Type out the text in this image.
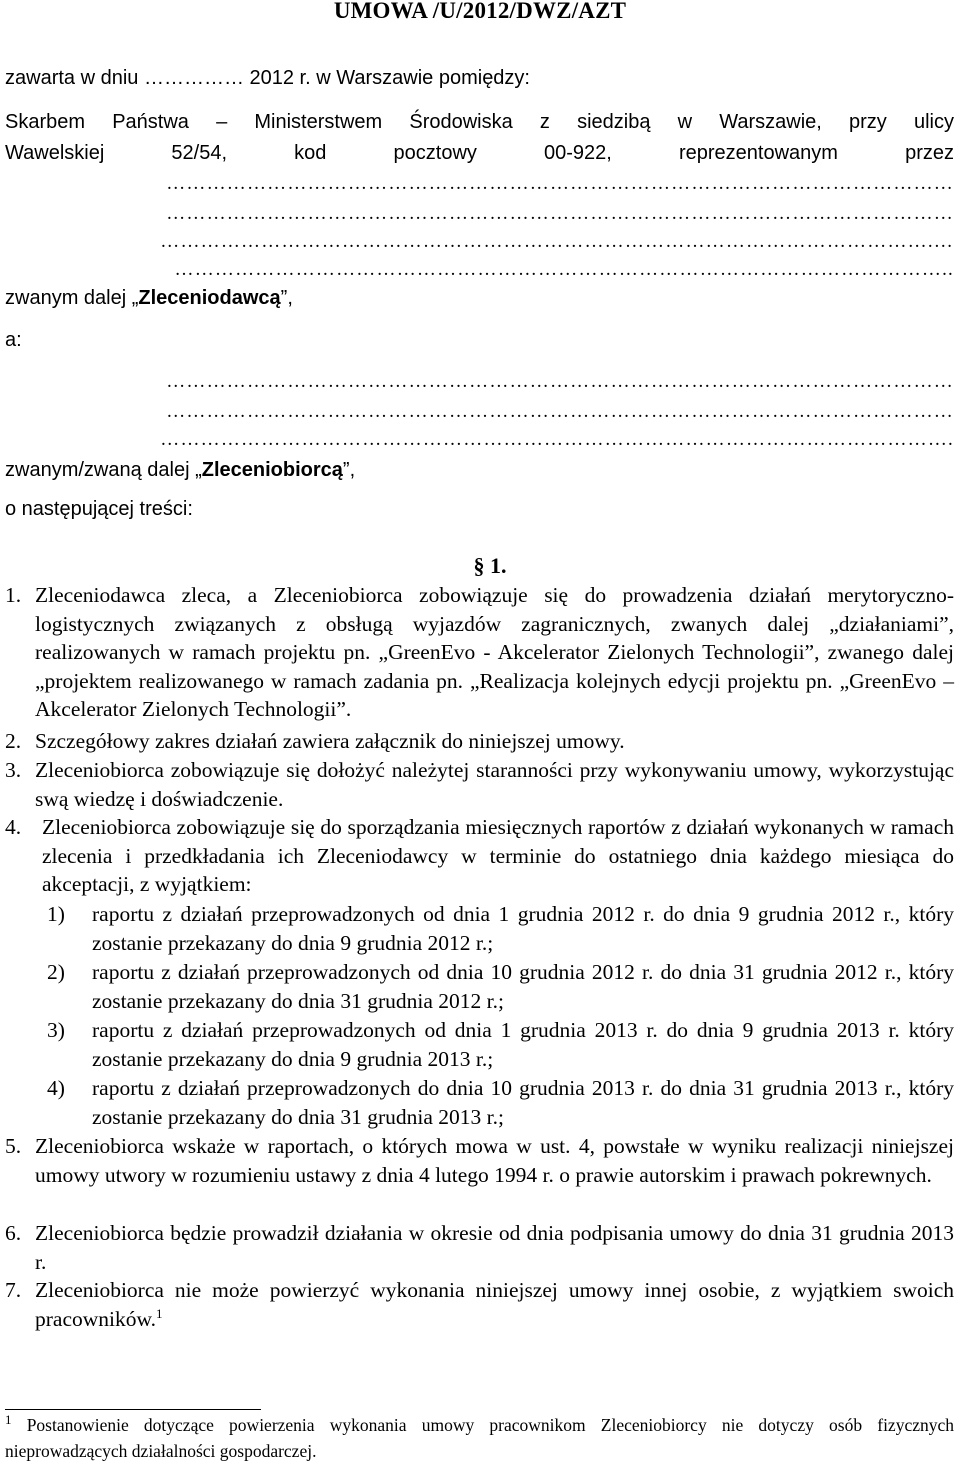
UMOWA /U/2012/DWZ/AZT
zawarta w dniu …………… 2012 r. w Warszawie pomiędzy:
Skarbem Państwa – Ministerstwem Środowiska z siedzibą w Warszawie, przy ulicy
Wawelskiej 52/54, kod pocztowy 00-922, reprezentowanym przez
………………………………………………………………………………………………………
………………………………………………………………………………………………………
…………………………………………………………………………………………………….…
……………………………………………………………………………………………………..
zwanym dalej „Zleceniodawcą”,
a:
………………………………………………………………………………………………………
………………………………………………………………………………………………………
……………………………………………………………………………………………………….
zwanym/zwaną dalej „Zleceniobiorcą”,
o następującej treści:
§ 1.
1. Zleceniodawca zleca, a Zleceniobiorca zobowiązuje się do prowadzenia działań merytoryczno-logistycznych związanych z obsługą wyjazdów zagranicznych, zwanych dalej „działaniami”, realizowanych w ramach projektu pn. „GreenEvo - Akcelerator Zielonych Technologii”, zwanego dalej „projektem realizowanego w ramach zadania pn. „Realizacja kolejnych edycji projektu pn. „GreenEvo – Akcelerator Zielonych Technologii”.
2. Szczegółowy zakres działań zawiera załącznik do niniejszej umowy.
3. Zleceniobiorca zobowiązuje się dołożyć należytej staranności przy wykonywaniu umowy, wykorzystując swą wiedzę i doświadczenie.
4. Zleceniobiorca zobowiązuje się do sporządzania miesięcznych raportów z działań wykonanych w ramach zlecenia i przedkładania ich Zleceniodawcy w terminie do ostatniego dnia każdego miesiąca do akceptacji, z wyjątkiem:
1) raportu z działań przeprowadzonych od dnia 1 grudnia 2012 r. do dnia 9 grudnia 2012 r., który zostanie przekazany do dnia 9 grudnia 2012 r.;
2) raportu z działań przeprowadzonych od dnia 10 grudnia 2012 r. do dnia 31 grudnia 2012 r., który zostanie przekazany do dnia 31 grudnia 2012 r.;
3) raportu z działań przeprowadzonych od dnia 1 grudnia 2013 r. do dnia 9 grudnia 2013 r. który zostanie przekazany do dnia 9 grudnia 2013 r.;
4) raportu z działań przeprowadzonych do dnia 10 grudnia 2013 r. do dnia 31 grudnia 2013 r., który zostanie przekazany do dnia 31 grudnia 2013 r.;
5. Zleceniobiorca wskaże w raportach, o których mowa w ust. 4, powstałe w wyniku realizacji niniejszej umowy utwory w rozumieniu ustawy z dnia 4 lutego 1994 r. o prawie autorskim i prawach pokrewnych.
6. Zleceniobiorca będzie prowadził działania w okresie od dnia podpisania umowy do dnia 31 grudnia 2013 r.
7. Zleceniobiorca nie może powierzyć wykonania niniejszej umowy innej osobie, z wyjątkiem swoich pracowników.$^1$
$^1$ Postanowienie dotyczące powierzenia wykonania umowy pracownikom Zleceniobiorcy nie dotyczy osób fizycznych nieprowadzących działalności gospodarczej.
